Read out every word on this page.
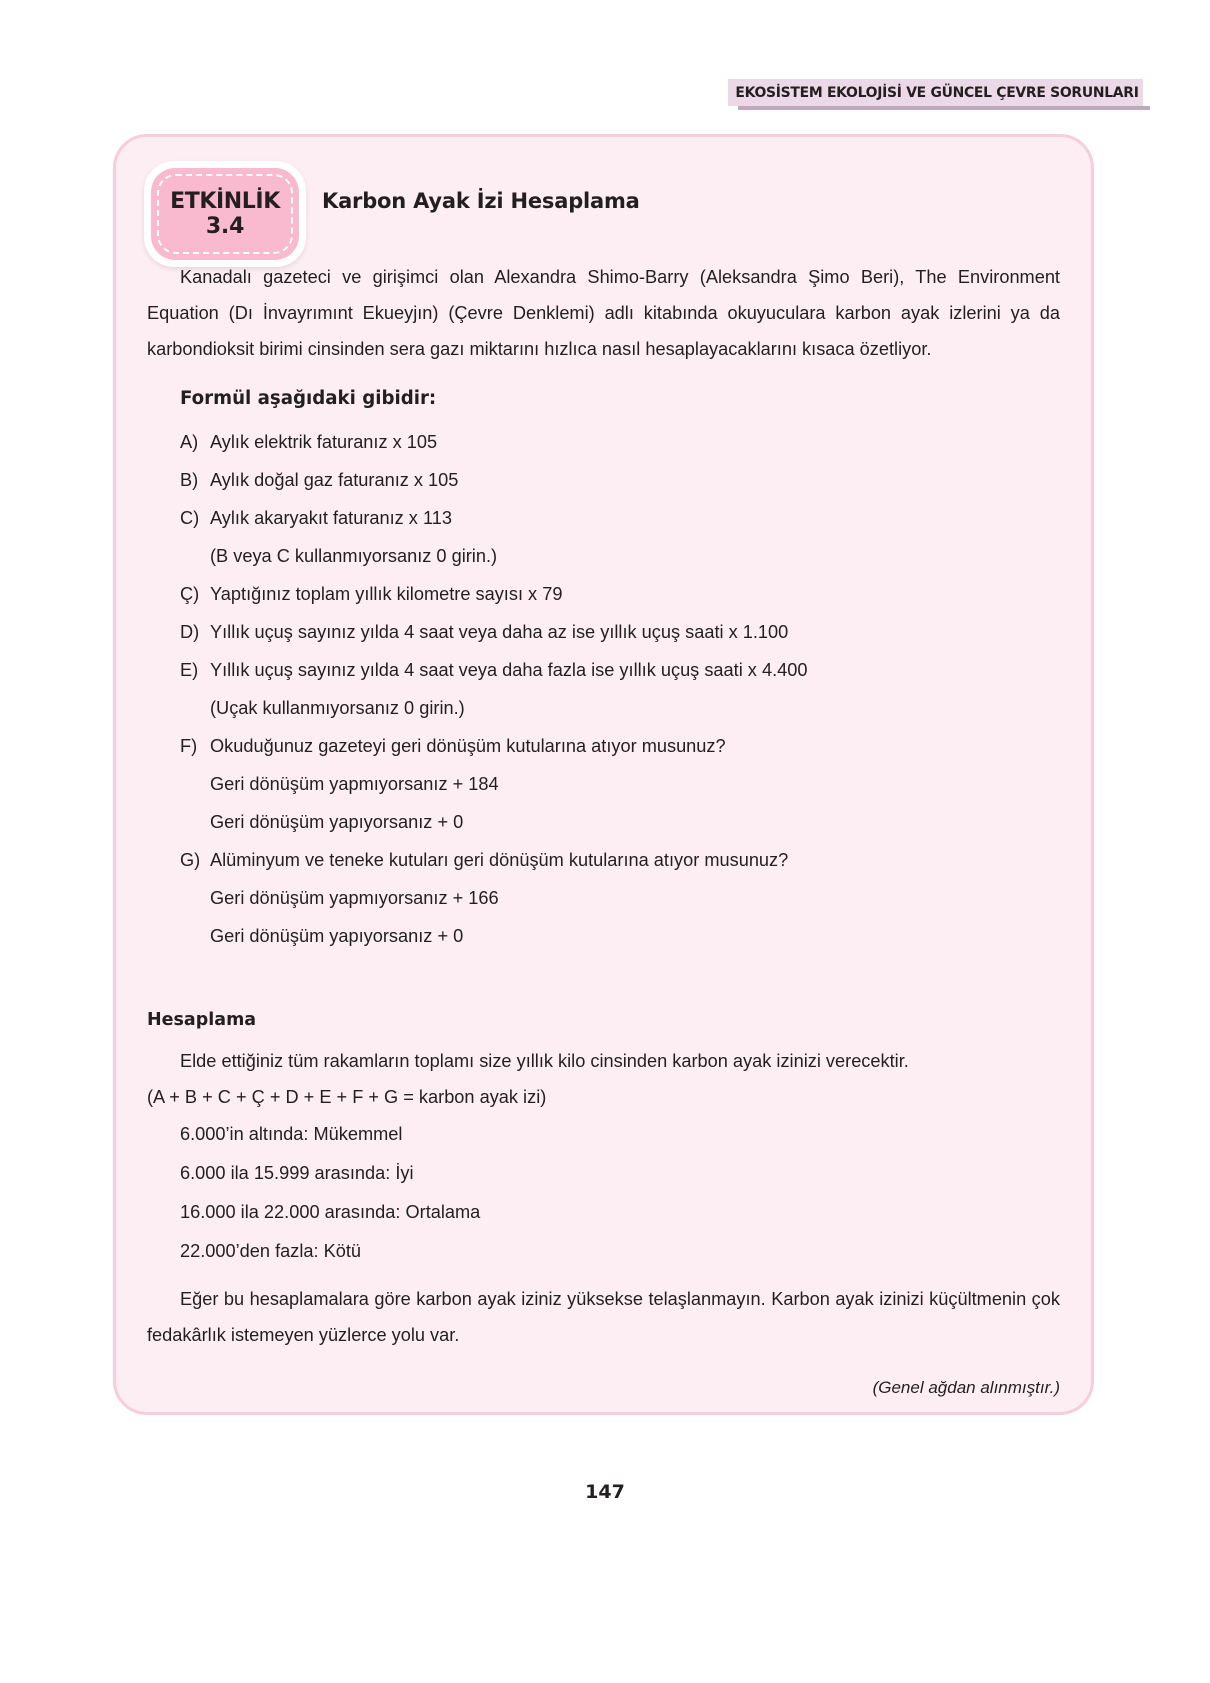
EKOSİSTEM EKOLOJİSİ VE GÜNCEL ÇEVRE SORUNLARI
ETKİNLİK
3.4
Karbon Ayak İzi Hesaplama

Kanadalı gazeteci ve girişimci olan Alexandra Shimo-Barry (Aleksandra Şimo Beri), The Environment Equation (Dı İnvayrımınt Ekueyjın) (Çevre Denklemi) adlı kitabında okuyuculara karbon ayak izlerini ya da karbondioksit birimi cinsinden sera gazı miktarını hızlıca nasıl hesaplayacaklarını kısaca özetliyor.

Formül aşağıdaki gibidir:
A) Aylık elektrik faturanız x 105
B) Aylık doğal gaz faturanız x 105
C) Aylık akaryakıt faturanız x 113
(B veya C kullanmıyorsanız 0 girin.)
Ç) Yaptığınız toplam yıllık kilometre sayısı x 79
D) Yıllık uçuş sayınız yılda 4 saat veya daha az ise yıllık uçuş saati x 1.100
E) Yıllık uçuş sayınız yılda 4 saat veya daha fazla ise yıllık uçuş saati x 4.400
(Uçak kullanmıyorsanız 0 girin.)
F) Okuduğunuz gazeteyi geri dönüşüm kutularına atıyor musunuz?
Geri dönüşüm yapmıyorsanız + 184
Geri dönüşüm yapıyorsanız + 0
G) Alüminyum ve teneke kutuları geri dönüşüm kutularına atıyor musunuz?
Geri dönüşüm yapmıyorsanız + 166
Geri dönüşüm yapıyorsanız + 0
Hesaplama

Elde ettiğiniz tüm rakamların toplamı size yıllık kilo cinsinden karbon ayak izinizi verecektir.

(A + B + C + Ç + D + E + F + G = karbon ayak izi)

6.000’in altında: Mükemmel
6.000 ila 15.999 arasında: İyi
16.000 ila 22.000 arasında: Ortalama
22.000’den fazla: Kötü

Eğer bu hesaplamalara göre karbon ayak iziniz yüksekse telaşlanmayın. Karbon ayak izinizi küçültmenin çok fedakârlık istemeyen yüzlerce yolu var.

(Genel ağdan alınmıştır.)

147
